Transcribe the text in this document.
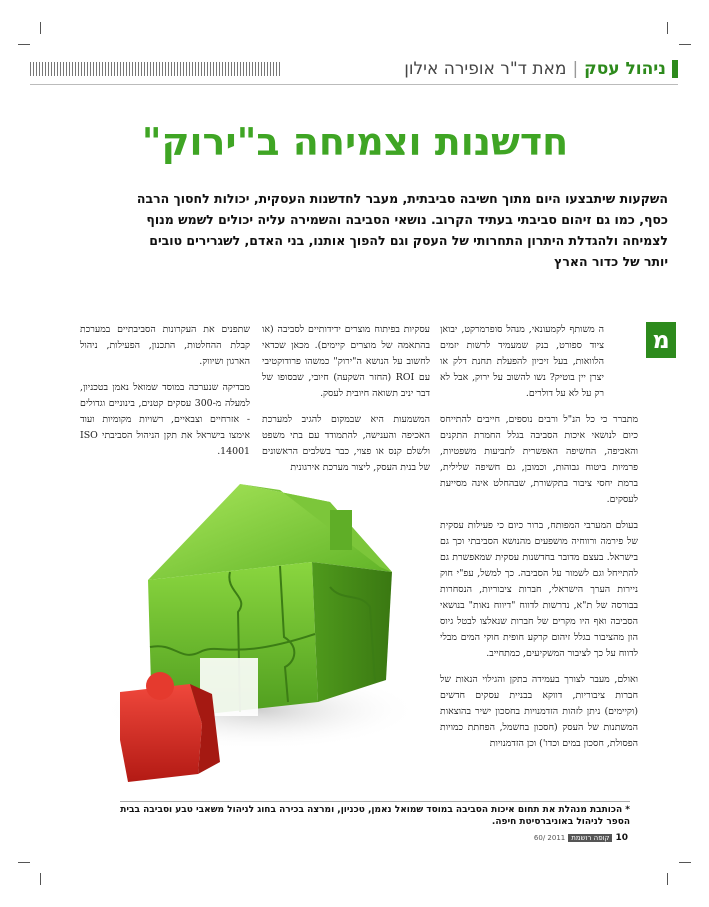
ניהול עסק|מאת ד"ר אופירה אילון
חדשנות וצמיחה ב"ירוק"
השקעות שיתבצעו היום מתוך חשיבה סביבתית, מעבר לחדשנות העסקית, יכולות לחסוך הרבה כסף, כמו גם זיהום סביבתי בעתיד הקרוב. נושאי הסביבה והשמירה עליה יכולים לשמש מנוף לצמיחה ולהגדלת היתרון התחרותי של העסק וגם להפוך אותנו, בני האדם, לשגרירים טובים יותר של כדור הארץ
מ

ה משותף לקמעונאי, מנהל סופרמרקט, יבואן ציוד ספורט, בנק שמעמיד לרשות יזמים הלוואות, בעל זיכיון להפעלת תחנת דלק או יצרן יין בוטיק? נשו להשוב על ירוק, אבל לא רק על לא על דולרים.

מתברר כי כל הנ"ל ורבים נוספים, חייבים להתייחס כיום לנושאי איכות הסביבה בגלל החמרת התקנים והאכיפה, החשיפה האפשרית לתביעות משפטיות, פרמיות ביטוח גבוהות, וכמובן, גם חשיפה שלילית, ברמת יחסי ציבור בתקשורת, שבהחלט אינה מסייעת לעסקים.

בעולם המערבי המפותח, ברור כיום כי פעילות עסקית של פירמה ורווחיה מושפעים מהנושא הסביבתי וכך גם בישראל. בעצם מדובר בחדשנות עסקית שמאפשרת גם להתייחל וגם לשמור על הסביבה. כך למשל, עפ"י חוק ניירות הערך הישראלי, חברות ציבוריות, הנסחרות בבורסה של ת"א, נדרשות לדווח "דיווח נאות" בנושאי הסביבה ואף היו מקרים של חברות שנאלצו לבטל גיוס הון מהציבור בגלל זיהום קרקע חופית חוקי המים מבלי לדווח על כך לציבור המשקיעים, כמתחייב.

ואולם, מעבר לצורך בעמידה בתקן והגילוי הנאות של חברות ציבוריות, דווקא בבניית עסקים חדשים (וקיימים) ניתן לזהות הזדמנויות בחסכון ישיר בהוצאות המשתנות של העסק (חסכון בחשמל, הפחתת כמויות הפסולת, חסכון במים וכדו') וכן הזדמנויות

עסקיות בפיתוח מוצרים ידידותיים לסביבה (או בהתאמה של מוצרים קיימים). מכאן שכדאי לחשוב על הנושא ה"ירוק" כמשהו פרודוקטיבי עם ROI (החזר השקעה) חיובי, שבסופו של דבר יניב תשואה חיובית לעסק.

המשמעות היא שבמקום להגיב למערכת האכיפה והענישה, להתמודד עם בתי משפט ולשלם קנס או פצוי, כבר בשלבים הראשונים של בנית העסק, ליצור מערכת אירגונית

שתפנים את העקרונות הסביבתיים במערכת קבלת ההחלטות, התכנון, הפעילות, ניהול הארגון ושיווק.

מבדיקה שנערכה במוסד שמואל נאמן בטכניון, למעלה מ-300 עסקים קטנים, בינוניים וגדולים - אזרחיים וצבאיים, רשויות מקומיות ועוד אימצו בישראל את תקן הניהול הסביבתי ISO 14001.

* הכותבת מנהלת את תחום איכות הסביבה במוסד שמואל נאמן, טכניון, ומרצה בכירה בחוג לניהול משאבי טבע וסביבה בבית הספר לניהול באוניברסיטת חיפה.
10קופה רושמת2011 /60
